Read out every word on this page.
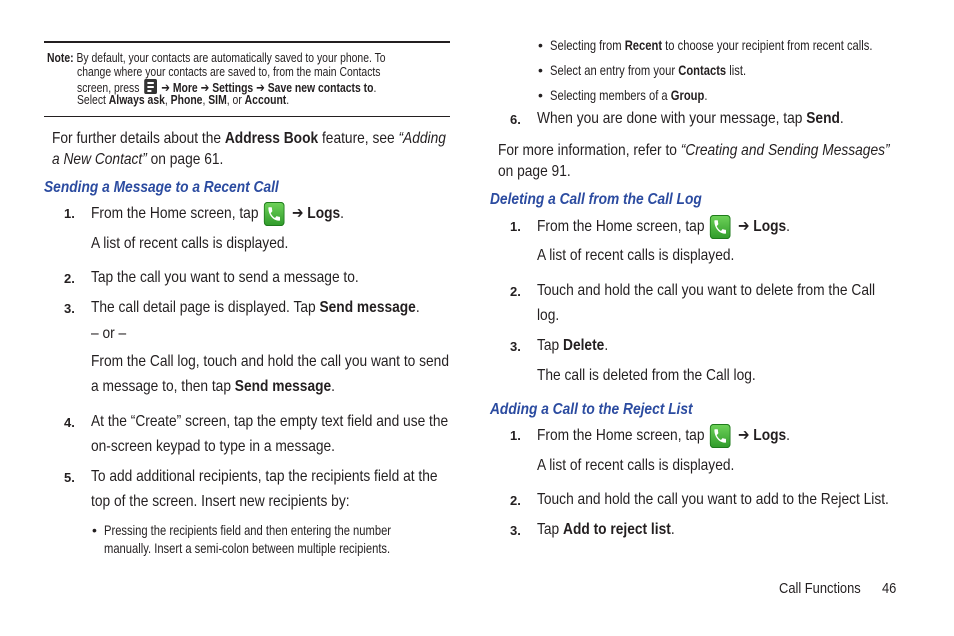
Note: By default, your contacts are automatically saved to your phone. To
change where your contacts are saved to, from the main Contacts
screen, press
➔ More ➔ Settings ➔ Save new contacts to.
Select Always ask, Phone, SIM, or Account.
For further details about the Address Book feature, see “Adding
a New Contact” on page 61.
Sending a Message to a Recent Call
1. From the Home screen, tap ➔ Logs.
A list of recent calls is displayed.
2. Tap the call you want to send a message to.
3. The call detail page is displayed. Tap Send message.
– or –
From the Call log, touch and hold the call you want to send
a message to, then tap Send message.
4. At the “Create” screen, tap the empty text field and use the
on-screen keypad to type in a message.
5. To add additional recipients, tap the recipients field at the
top of the screen. Insert new recipients by:
• Pressing the recipients field and then entering the number
manually. Insert a semi-colon between multiple recipients.
• Selecting from Recent to choose your recipient from recent calls.
• Select an entry from your Contacts list.
• Selecting members of a Group.
6. When you are done with your message, tap Send.
For more information, refer to “Creating and Sending Messages”
on page 91.
Deleting a Call from the Call Log
1. From the Home screen, tap ➔ Logs.
A list of recent calls is displayed.
2. Touch and hold the call you want to delete from the Call
log.
3. Tap Delete.
The call is deleted from the Call log.
Adding a Call to the Reject List
1. From the Home screen, tap ➔ Logs.
A list of recent calls is displayed.
2. Touch and hold the call you want to add to the Reject List.
3. Tap Add to reject list.
Call Functions	46
